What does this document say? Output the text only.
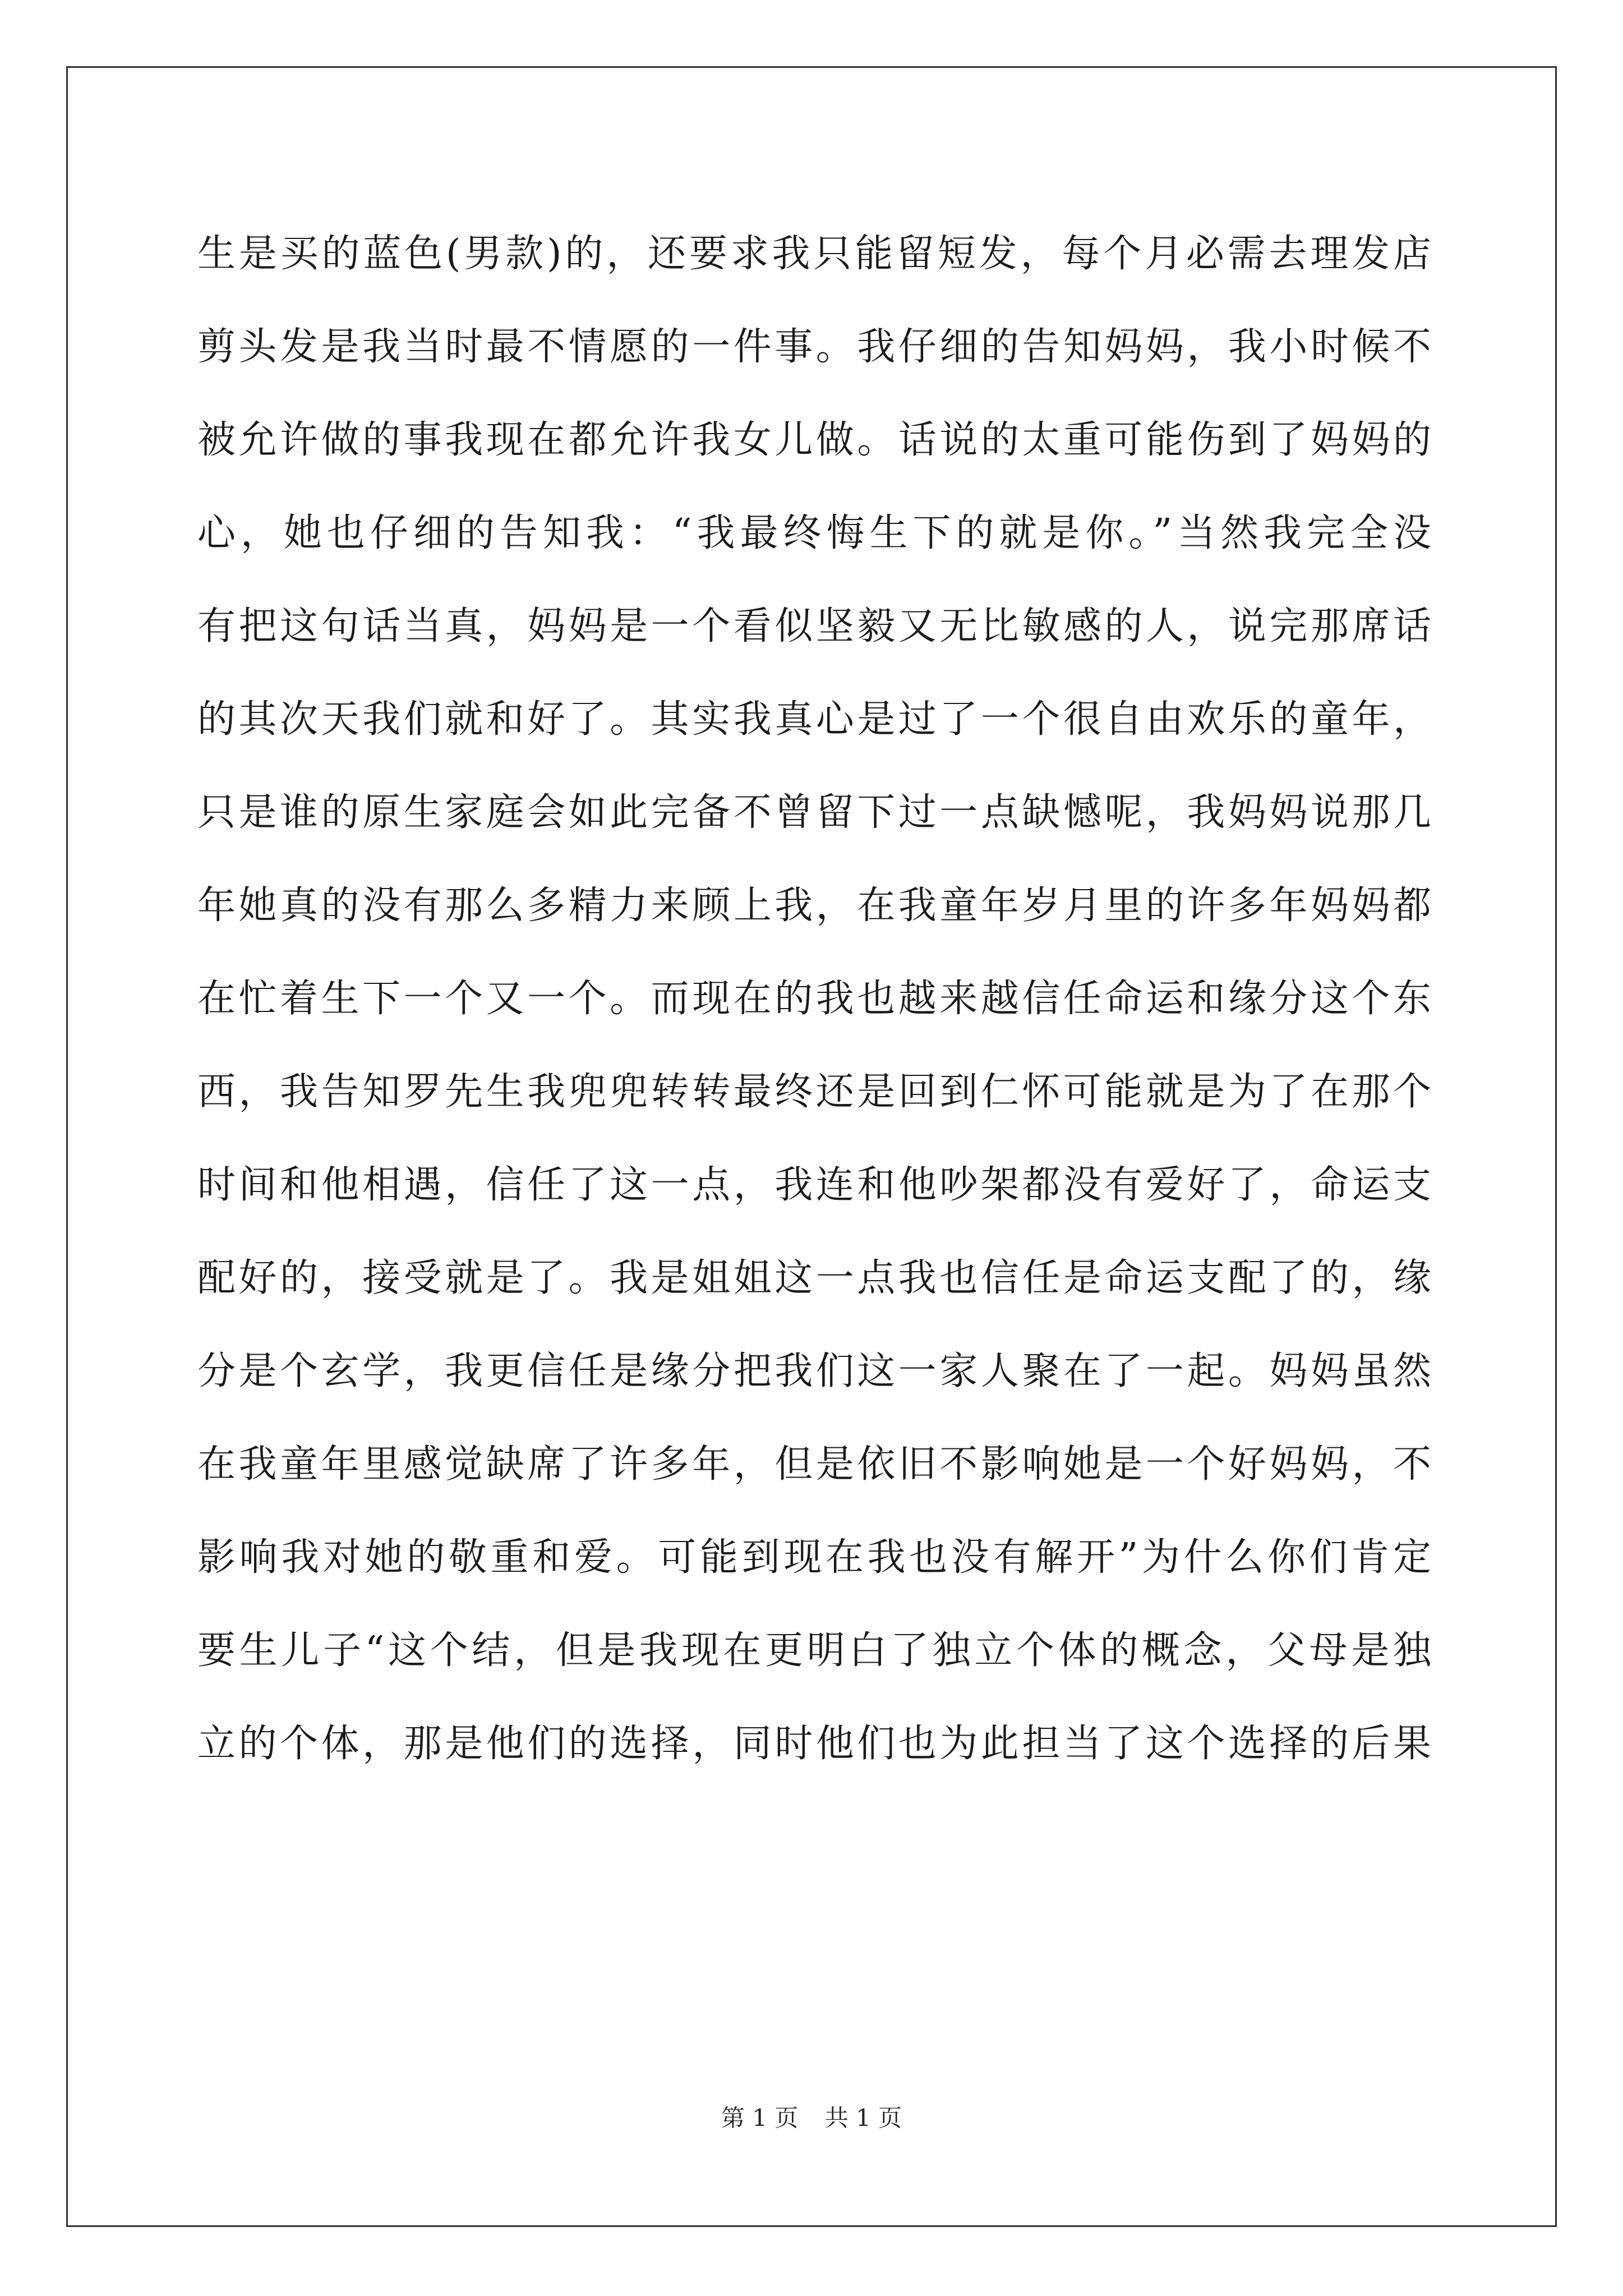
生是买的蓝色(男款)的，还要求我只能留短发，每个月必需去理发店
剪头发是我当时最不情愿的一件事。我仔细的告知妈妈，我小时候不
被允许做的事我现在都允许我女儿做。话说的太重可能伤到了妈妈的
心，她也仔细的告知我：“我最终悔生下的就是你。”当然我完全没
有把这句话当真，妈妈是一个看似坚毅又无比敏感的人，说完那席话
的其次天我们就和好了。其实我真心是过了一个很自由欢乐的童年，
只是谁的原生家庭会如此完备不曾留下过一点缺憾呢，我妈妈说那几
年她真的没有那么多精力来顾上我，在我童年岁月里的许多年妈妈都
在忙着生下一个又一个。而现在的我也越来越信任命运和缘分这个东
西，我告知罗先生我兜兜转转最终还是回到仁怀可能就是为了在那个
时间和他相遇，信任了这一点，我连和他吵架都没有爱好了，命运支
配好的，接受就是了。我是姐姐这一点我也信任是命运支配了的，缘
分是个玄学，我更信任是缘分把我们这一家人聚在了一起。妈妈虽然
在我童年里感觉缺席了许多年，但是依旧不影响她是一个好妈妈，不
影响我对她的敬重和爱。可能到现在我也没有解开”为什么你们肯定
要生儿子“这个结，但是我现在更明白了独立个体的概念，父母是独
立的个体，那是他们的选择，同时他们也为此担当了这个选择的后果
第 1 页 共 1 页
